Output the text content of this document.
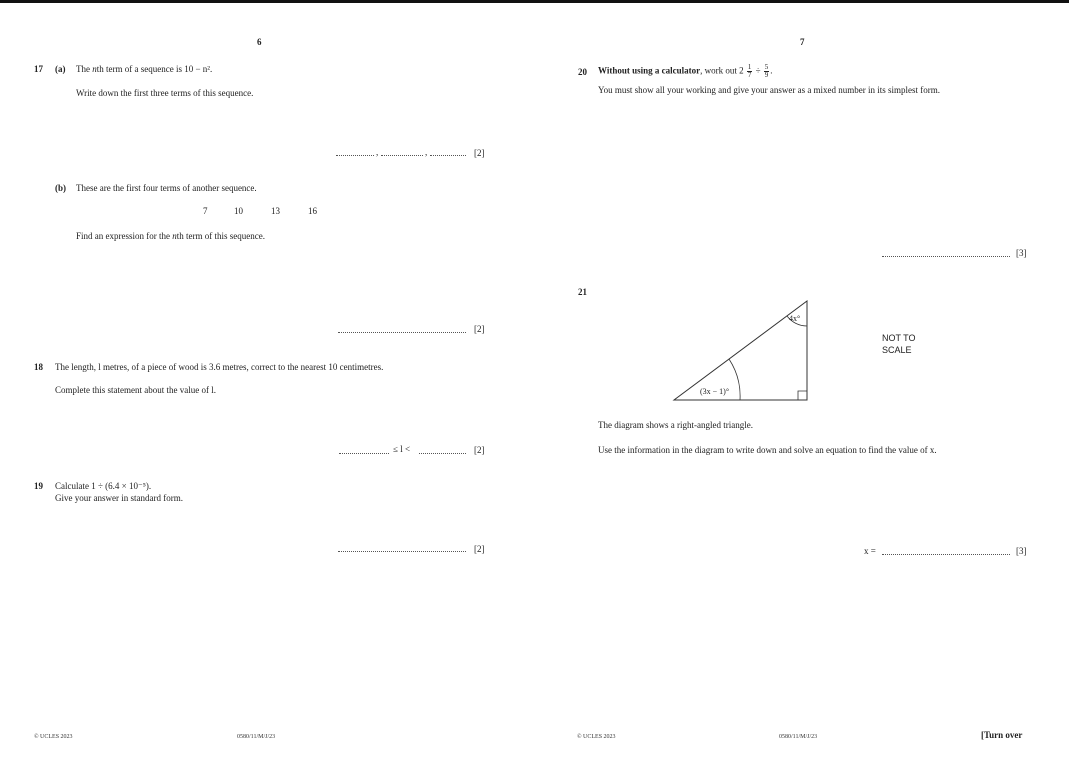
6	7
17 (a) The nth term of a sequence is 10 − n².
Write down the first three terms of this sequence.
,	,	[2]
(b) These are the first four terms of another sequence.
7	10	13	16
Find an expression for the nth term of this sequence.
[2]
18 The length, l metres, of a piece of wood is 3.6 metres, correct to the nearest 10 centimetres.
Complete this statement about the value of l.
≤ l <	[2]
19 Calculate 1 ÷ (6.4 × 10⁻⁵).
Give your answer in standard form.
[2]
20 Without using a calculator, work out $2 \frac{1}{7} \div \frac{5}{9}$ .
You must show all your working and give your answer as a mixed number in its simplest form.
[3]
21
4x°
(3x − 1)°
NOT TO
SCALE
The diagram shows a right-angled triangle.
Use the information in the diagram to write down and solve an equation to find the value of x.
x =	[3]
© UCLES 2023	0580/11/M/J/23	© UCLES 2023	0580/11/M/J/23	[Turn over
